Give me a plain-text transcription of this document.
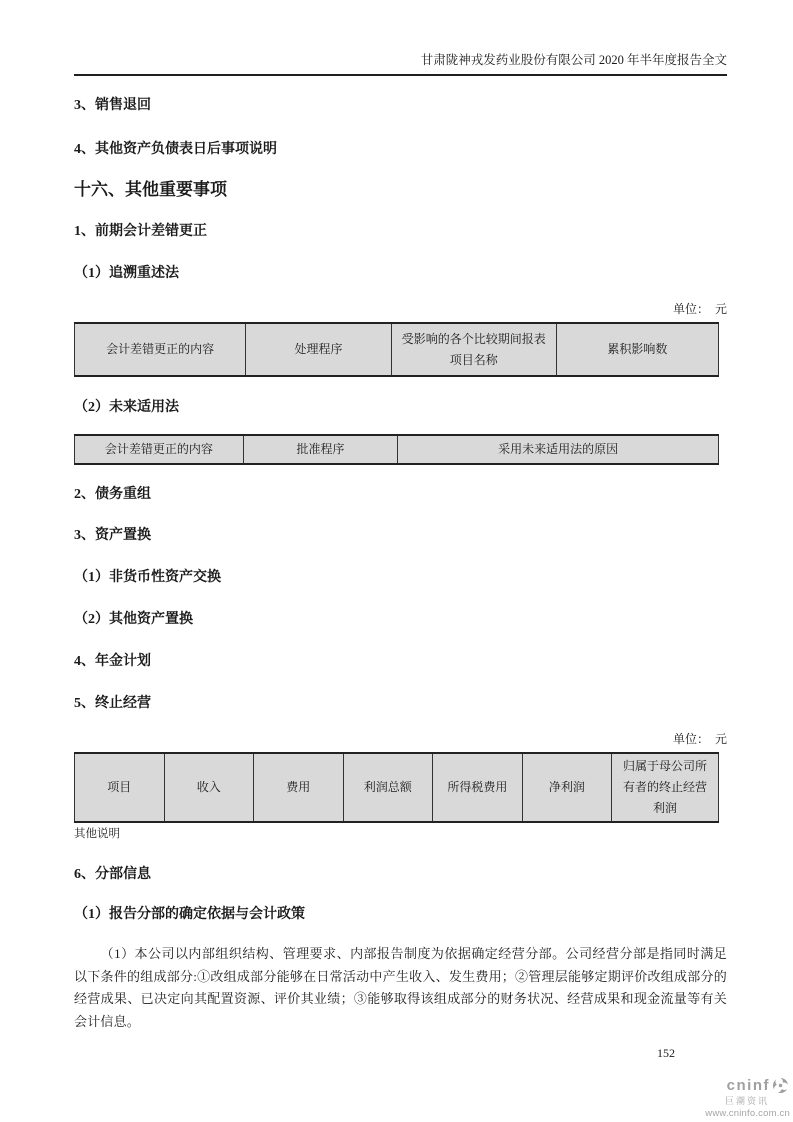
甘肃陇神戎发药业股份有限公司 2020 年半年度报告全文
3、销售退回
4、其他资产负债表日后事项说明
十六、其他重要事项
1、前期会计差错更正
（1）追溯重述法
单位：　元
会计差错更正的内容	处理程序	受影响的各个比较期间报表项目名称	累积影响数
（2）未来适用法
会计差错更正的内容	批准程序	采用未来适用法的原因
2、债务重组
3、资产置换
（1）非货币性资产交换
（2）其他资产置换
4、年金计划
5、终止经营
单位：　元
项目	收入	费用	利润总额	所得税费用	净利润	归属于母公司所有者的终止经营利润
其他说明
6、分部信息
（1）报告分部的确定依据与会计政策

（1）本公司以内部组织结构、管理要求、内部报告制度为依据确定经营分部。公司经营分部是指同时满足以下条件的组成部分:①改组成部分能够在日常活动中产生收入、发生费用；②管理层能够定期评价改组成部分的经营成果、已决定向其配置资源、评价其业绩；③能够取得该组成部分的财务状况、经营成果和现金流量等有关会计信息。

152
cninf
巨潮资讯
www.cninfo.com.cn
